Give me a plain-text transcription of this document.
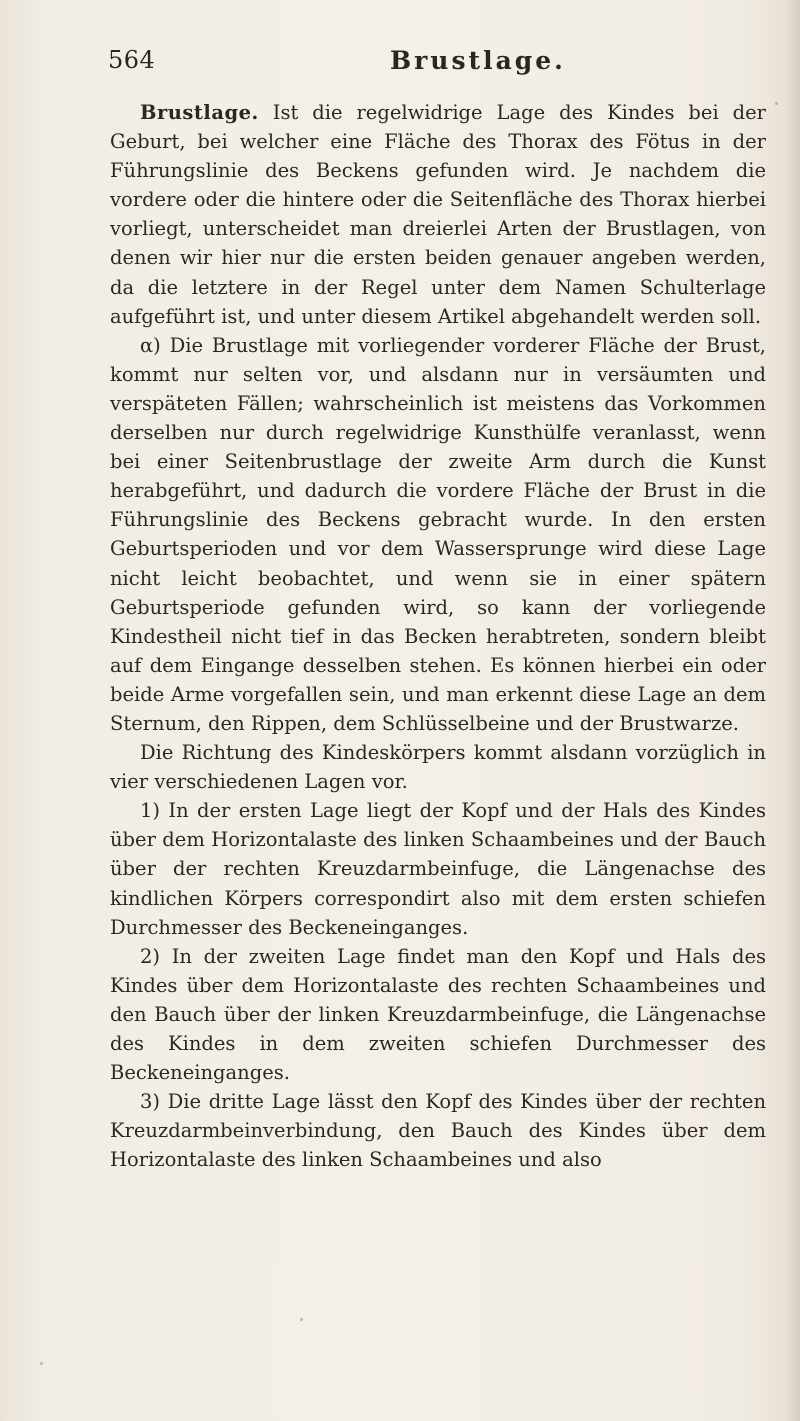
564	Brustlage.

Brustlage. Ist die regelwidrige Lage des Kindes bei der Geburt, bei welcher eine Fläche des Thorax des Fötus in der Führungslinie des Beckens gefunden wird. Je nachdem die vordere oder die hintere oder die Seitenfläche des Thorax hierbei vorliegt, unterscheidet man dreierlei Arten der Brustlagen, von denen wir hier nur die ersten beiden genauer angeben werden, da die letztere in der Regel unter dem Namen Schulterlage aufgeführt ist, und unter diesem Artikel abgehandelt werden soll.

α) Die Brustlage mit vorliegender vorderer Fläche der Brust, kommt nur selten vor, und alsdann nur in versäumten und verspäteten Fällen; wahrscheinlich ist meistens das Vorkommen derselben nur durch regelwidrige Kunsthülfe veranlasst, wenn bei einer Seitenbrustlage der zweite Arm durch die Kunst herabgeführt, und dadurch die vordere Fläche der Brust in die Führungslinie des Beckens gebracht wurde. In den ersten Geburtsperioden und vor dem Wassersprunge wird diese Lage nicht leicht beobachtet, und wenn sie in einer spätern Geburtsperiode gefunden wird, so kann der vorliegende Kindestheil nicht tief in das Becken herabtreten, sondern bleibt auf dem Eingange desselben stehen. Es können hierbei ein oder beide Arme vorgefallen sein, und man erkennt diese Lage an dem Sternum, den Rippen, dem Schlüsselbeine und der Brustwarze.

Die Richtung des Kindeskörpers kommt alsdann vorzüglich in vier verschiedenen Lagen vor.

1) In der ersten Lage liegt der Kopf und der Hals des Kindes über dem Horizontalaste des linken Schaambeines und der Bauch über der rechten Kreuzdarmbeinfuge, die Längenachse des kindlichen Körpers correspondirt also mit dem ersten schiefen Durchmesser des Beckeneinganges.

2) In der zweiten Lage findet man den Kopf und Hals des Kindes über dem Horizontalaste des rechten Schaambeines und den Bauch über der linken Kreuzdarmbeinfuge, die Längenachse des Kindes in dem zweiten schiefen Durchmesser des Beckeneinganges.

3) Die dritte Lage lässt den Kopf des Kindes über der rechten Kreuzdarmbeinverbindung, den Bauch des Kindes über dem Horizontalaste des linken Schaambeines und also
